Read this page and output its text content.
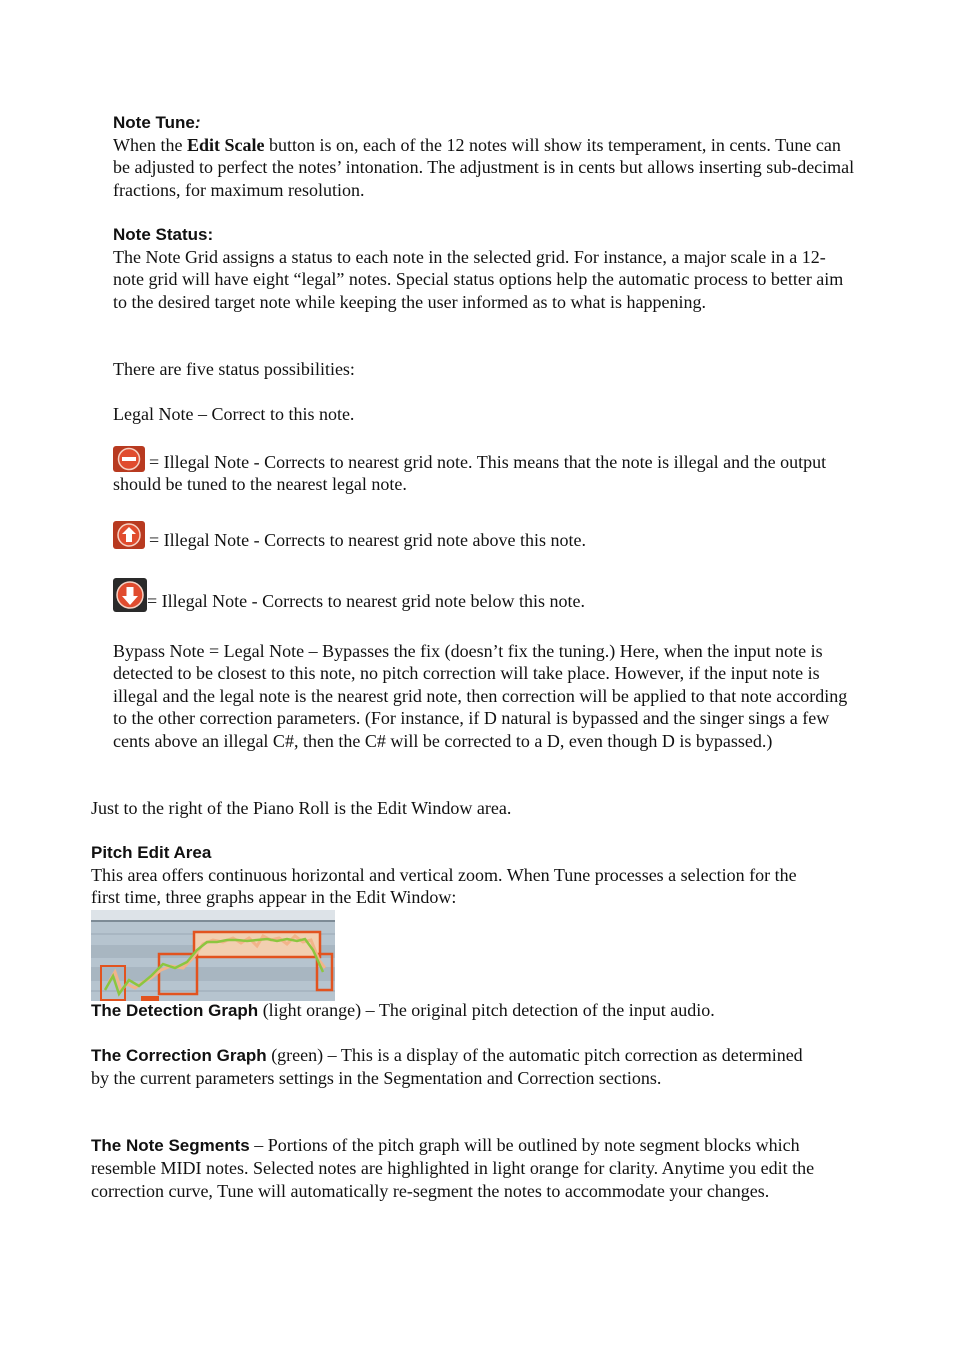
Note Tune:
When the Edit Scale button is on, each of the 12 notes will show its temperament, in cents. Tune can be adjusted to perfect the notes’ intonation. The adjustment is in cents but allows inserting sub-decimal fractions, for maximum resolution.
Note Status:
The Note Grid assigns a status to each note in the selected grid. For instance, a major scale in a 12-note grid will have eight “legal” notes. Special status options help the automatic process to better aim to the desired target note while keeping the user informed as to what is happening.
There are five status possibilities:
Legal Note – Correct to this note.
= Illegal Note - Corrects to nearest grid note. This means that the note is illegal and the output should be tuned to the nearest legal note.
= Illegal Note - Corrects to nearest grid note above this note.
= Illegal Note - Corrects to nearest grid note below this note.
Bypass Note = Legal Note – Bypasses the fix (doesn’t fix the tuning.) Here, when the input note is detected to be closest to this note, no pitch correction will take place. However, if the input note is illegal and the legal note is the nearest grid note, then correction will be applied to that note according to the other correction parameters. (For instance, if D natural is bypassed and the singer sings a few cents above an illegal C#, then the C# will be corrected to a D, even though D is bypassed.)
Just to the right of the Piano Roll is the Edit Window area.
Pitch Edit Area
This area offers continuous horizontal and vertical zoom. When Tune processes a selection for the first time, three graphs appear in the Edit Window:
The Detection Graph (light orange) – The original pitch detection of the input audio.
The Correction Graph (green) – This is a display of the automatic pitch correction as determined by the current parameters settings in the Segmentation and Correction sections.
The Note Segments – Portions of the pitch graph will be outlined by note segment blocks which resemble MIDI notes. Selected notes are highlighted in light orange for clarity. Anytime you edit the correction curve, Tune will automatically re-segment the notes to accommodate your changes.
